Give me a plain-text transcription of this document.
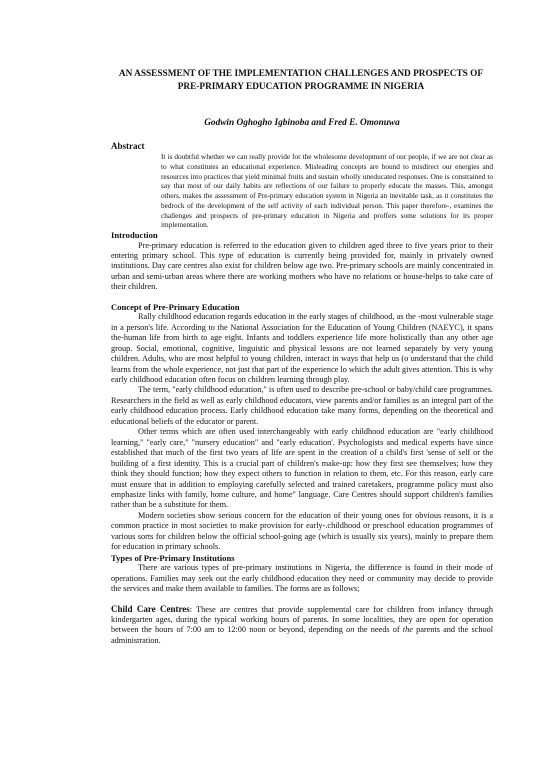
AN ASSESSMENT OF THE IMPLEMENTATION CHALLENGES AND PROSPECTS OF
PRE-PRIMARY EDUCATION PROGRAMME IN NIGERIA
Godwin Oghogho Igbinoba and Fred E. Omonuwa
Abstract
It is doubtful whether we can really provide for the wholesome development of our people, if we are not clear as to what constitutes an educational experience. Misleading concepts are bound to misdirect our energies and resources into practices that yield minimal fruits and sustain wholly uneducated responses. One is constrained to say that most of our daily habits are reflections of our failure to properly educate the masses. This, amongst others, makes the assessment of Pre-primary education system in Nigeria an inevitable task, as it constitutes the bedrock of the development of the self activity of each individual person. This paper therefore-, examines the challenges and prospects of pre-primary education in Nigeria and proffers some solutions for its proper implementation.
Introduction

Pre-primary education is referred to the education given to children aged three to five years prior to their entering primary school. This type of education is currently being provided for, mainly in privately owned institutions. Day care centres also exist for children below age two. Pre-primary schools are mainly concentrated in urban and semi-urban areas where there are working mothers who have no relations or house-helps to take care of their children.

Concept of Pre-Primary Education

Rally childhood education regards education in the early stages of childhood, as the -most vulnerable stage in a person's life. According to the National Association for the Education of Young Children (NAEYC), it spans the-human life from birth to age eight. Infants and toddlers experience life more holistically than any other age group. Social, emotional, cognitive, linguistic and physical lessons are not learned separately by very young children. Adults, who are most helpful to young children, interact in ways that help us (o understand that the child learns from the whole experience, not just that part of the experience lo which the adult gives attention. This is why early childhood education often focus on children learning through play.

The term, "early childhood education," is often used to describe pre-school or baby/child care programmes. Researchers in the field as well as early childhood educators, view parents and/or families as an integral part of the early childhood education process. Early childhood education take many forms, depending on the theoretical and educational beliefs of the educator or parent.

Other terms which are often used interchangeably with early childhood education are "early childhood learning," "early care," "nursery education" and "early education'. Psychologists and medical experts have since established that much of the first two years of life are spent in the creation of a child's first 'sense of self or the building of a first identity. This is a crucial part of children's make-up: how they first see themselves; how they think they should function; how they expect others to function in relation to them, etc. For this reason, early care must ensure that in addition to employing carefully selected and trained caretakers, programme policy must also emphasize links with family, home culture, and home" language. Care Centres should support children's families rather than be a substitute for them.

Modern societies show serious concern for the education of their young ones for obvious reasons, it is a common practice in most societies to make provision for early-.childhood or preschool education programmes of various sorts for children below the official school-going age (which is usually six years), mainly to prepare them for education in primary schools.

Types of Pre-Primary Institutions

There are various types of pre-primary institutions in Nigeria, the difference is found in their mode of operations. Families may seek out the early childhood education they need or community may decide to provide the services and make them available to families. The forms are as follows;

Child Care Centres: These are centres that provide supplemental care for children from infancy through kindergarten ages, during the typical working hours of parents. In some localities, they are open for operation between the hours of 7:00 am to 12:00 noon or beyond, depending on the needs of the parents and the school administration.
